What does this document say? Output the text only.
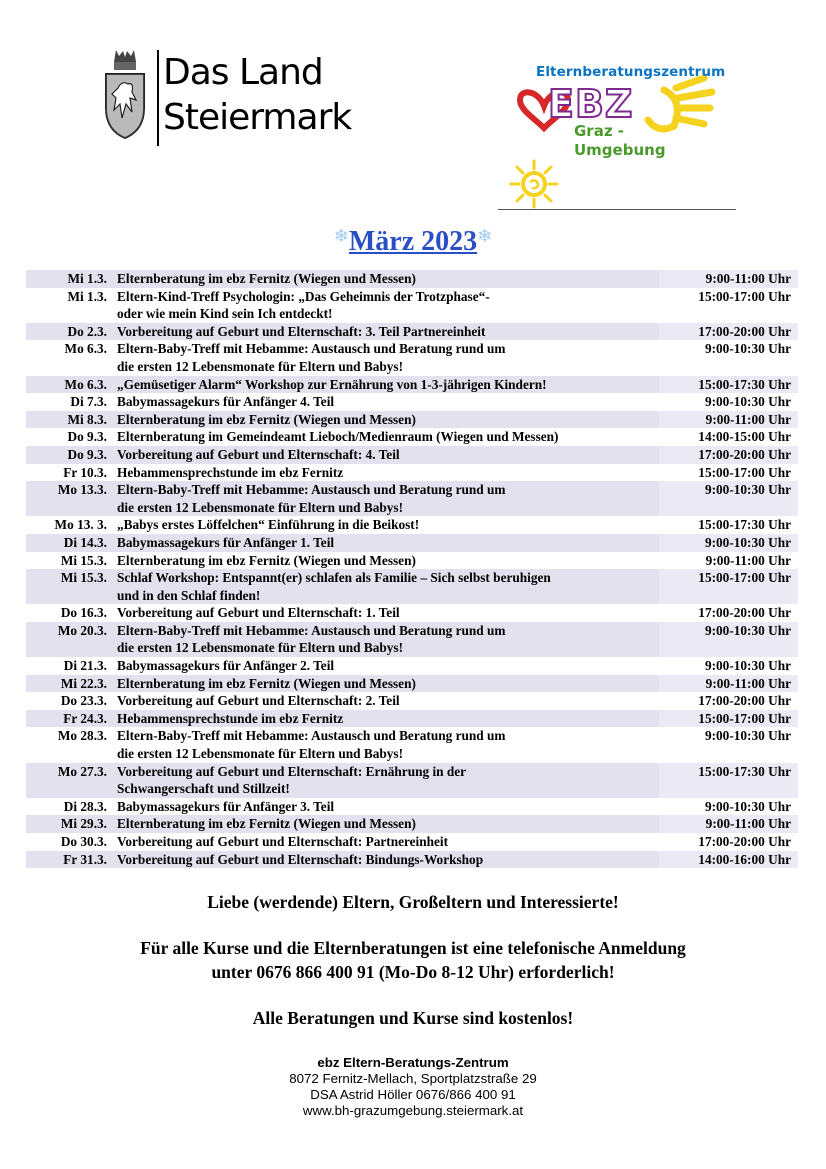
Das Land
Steiermark
Elternberatungszentrum
EBZ
Graz -
Umgebung
❄März 2023❄
Mi 1.3.	Elternberatung im ebz Fernitz (Wiegen und Messen)	9:00-11:00 Uhr
Mi 1.3.	Eltern-Kind-Treff Psychologin: „Das Geheimnis der Trotzphase“-
oder wie mein Kind sein Ich entdeckt!	15:00-17:00 Uhr
Do 2.3.	Vorbereitung auf Geburt und Elternschaft: 3. Teil Partnereinheit	17:00-20:00 Uhr
Mo 6.3.	Eltern-Baby-Treff mit Hebamme: Austausch und Beratung rund um
die ersten 12 Lebensmonate für Eltern und Babys!	9:00-10:30 Uhr
Mo 6.3.	„Gemüsetiger Alarm“ Workshop zur Ernährung von 1-3-jährigen Kindern!	15:00-17:30 Uhr
Di 7.3.	Babymassagekurs für Anfänger 4. Teil	9:00-10:30 Uhr
Mi 8.3.	Elternberatung im ebz Fernitz (Wiegen und Messen)	9:00-11:00 Uhr
Do 9.3.	Elternberatung im Gemeindeamt Lieboch/Medienraum (Wiegen und Messen)	14:00-15:00 Uhr
Do 9.3.	Vorbereitung auf Geburt und Elternschaft: 4. Teil	17:00-20:00 Uhr
Fr 10.3.	Hebammensprechstunde im ebz Fernitz	15:00-17:00 Uhr
Mo 13.3.	Eltern-Baby-Treff mit Hebamme: Austausch und Beratung rund um
die ersten 12 Lebensmonate für Eltern und Babys!	9:00-10:30 Uhr
Mo 13. 3.	„Babys erstes Löffelchen“ Einführung in die Beikost!	15:00-17:30 Uhr
Di 14.3.	Babymassagekurs für Anfänger 1. Teil	9:00-10:30 Uhr
Mi 15.3.	Elternberatung im ebz Fernitz (Wiegen und Messen)	9:00-11:00 Uhr
Mi 15.3.	Schlaf Workshop: Entspannt(er) schlafen als Familie – Sich selbst beruhigen
und in den Schlaf finden!	15:00-17:00 Uhr
Do 16.3.	Vorbereitung auf Geburt und Elternschaft: 1. Teil	17:00-20:00 Uhr
Mo 20.3.	Eltern-Baby-Treff mit Hebamme: Austausch und Beratung rund um
die ersten 12 Lebensmonate für Eltern und Babys!	9:00-10:30 Uhr
Di 21.3.	Babymassagekurs für Anfänger 2. Teil	9:00-10:30 Uhr
Mi 22.3.	Elternberatung im ebz Fernitz (Wiegen und Messen)	9:00-11:00 Uhr
Do 23.3.	Vorbereitung auf Geburt und Elternschaft: 2. Teil	17:00-20:00 Uhr
Fr 24.3.	Hebammensprechstunde im ebz Fernitz	15:00-17:00 Uhr
Mo 28.3.	Eltern-Baby-Treff mit Hebamme: Austausch und Beratung rund um
die ersten 12 Lebensmonate für Eltern und Babys!	9:00-10:30 Uhr
Mo 27.3.	Vorbereitung auf Geburt und Elternschaft: Ernährung in der
Schwangerschaft und Stillzeit!	15:00-17:30 Uhr
Di 28.3.	Babymassagekurs für Anfänger 3. Teil	9:00-10:30 Uhr
Mi 29.3.	Elternberatung im ebz Fernitz (Wiegen und Messen)	9:00-11:00 Uhr
Do 30.3.	Vorbereitung auf Geburt und Elternschaft: Partnereinheit	17:00-20:00 Uhr
Fr 31.3.	Vorbereitung auf Geburt und Elternschaft: Bindungs-Workshop	14:00-16:00 Uhr

Liebe (werdende) Eltern, Großeltern und Interessierte!

Für alle Kurse und die Elternberatungen ist eine telefonische Anmeldung

unter 0676 866 400 91 (Mo-Do 8-12 Uhr) erforderlich!

Alle Beratungen und Kurse sind kostenlos!

ebz Eltern-Beratungs-Zentrum
8072 Fernitz-Mellach, Sportplatzstraße 29
DSA Astrid Höller 0676/866 400 91
www.bh-grazumgebung.steiermark.at
